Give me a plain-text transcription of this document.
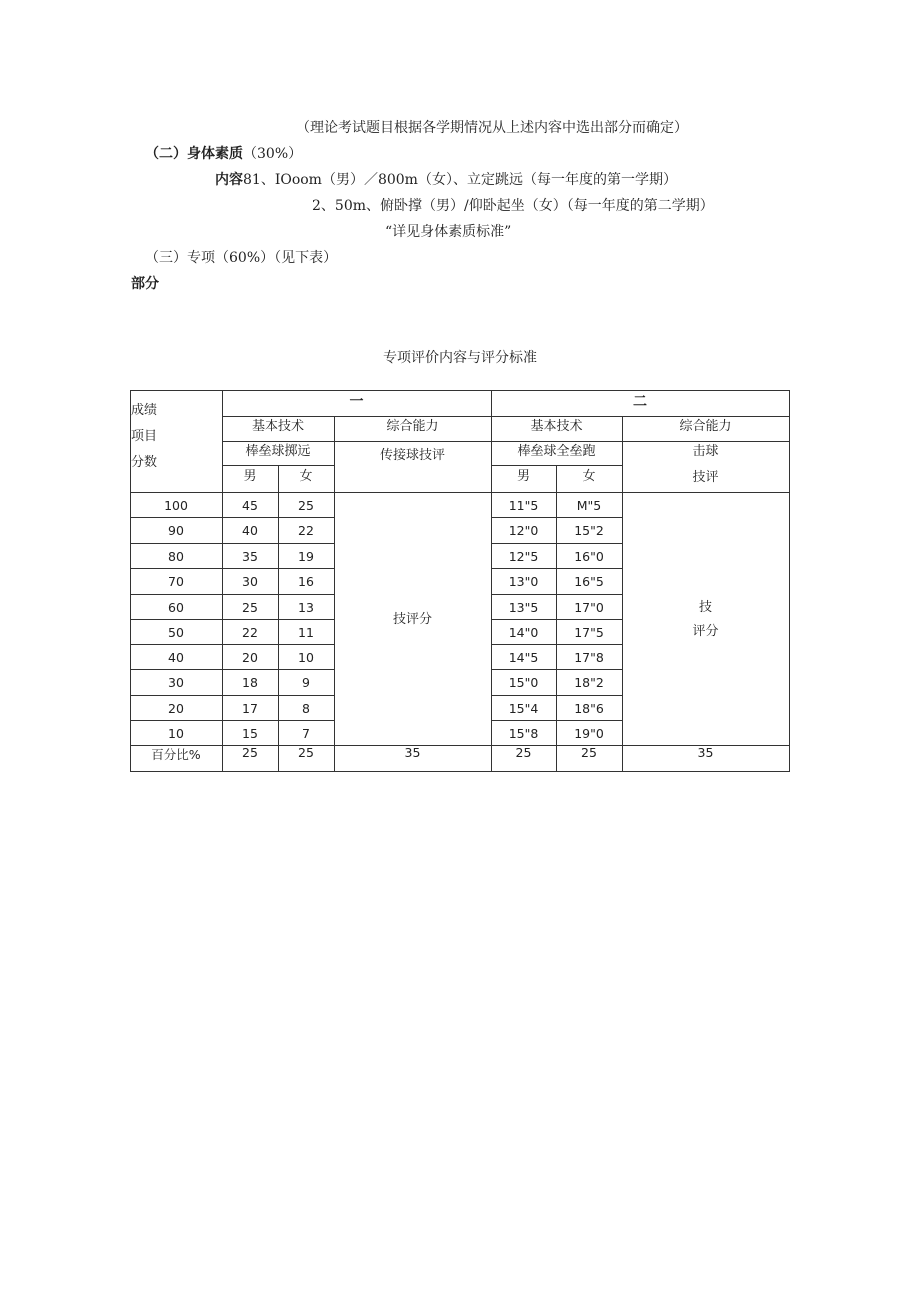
（理论考试题目根据各学期情况从上述内容中选出部分而确定）
（二）身体素质（30%）
内容81、IOoom（男）／800m（女）、立定跳远（每一年度的第一学期）
2、50m、俯卧撑（男）/仰卧起坐（女）（每一年度的第二学期）
“详见身体素质标准”
（三）专项（60%）（见下表）
部分
专项评价内容与评分标准
成绩
项目
分数
一	二
基本技术	综合能力	基本技术	综合能力
棒垒球掷远	传接球技评	棒垒球全垒跑	击球
技评
男	女	男	女
100	45	25	11"5	M"5
90	40	22	12"0	15"2
80	35	19	12"5	16"0
70	30	16	13"0	16"5
60	25	13	13"5	17"0
50	22	11	14"0	17"5
40	20	10	14"5	17"8
30	18	9	15"0	18"2
20	17	8	15"4	18"6
10	15	7	15"8	19"0
技评分
技
评分
百分比%	25	25	35	25	25	35
